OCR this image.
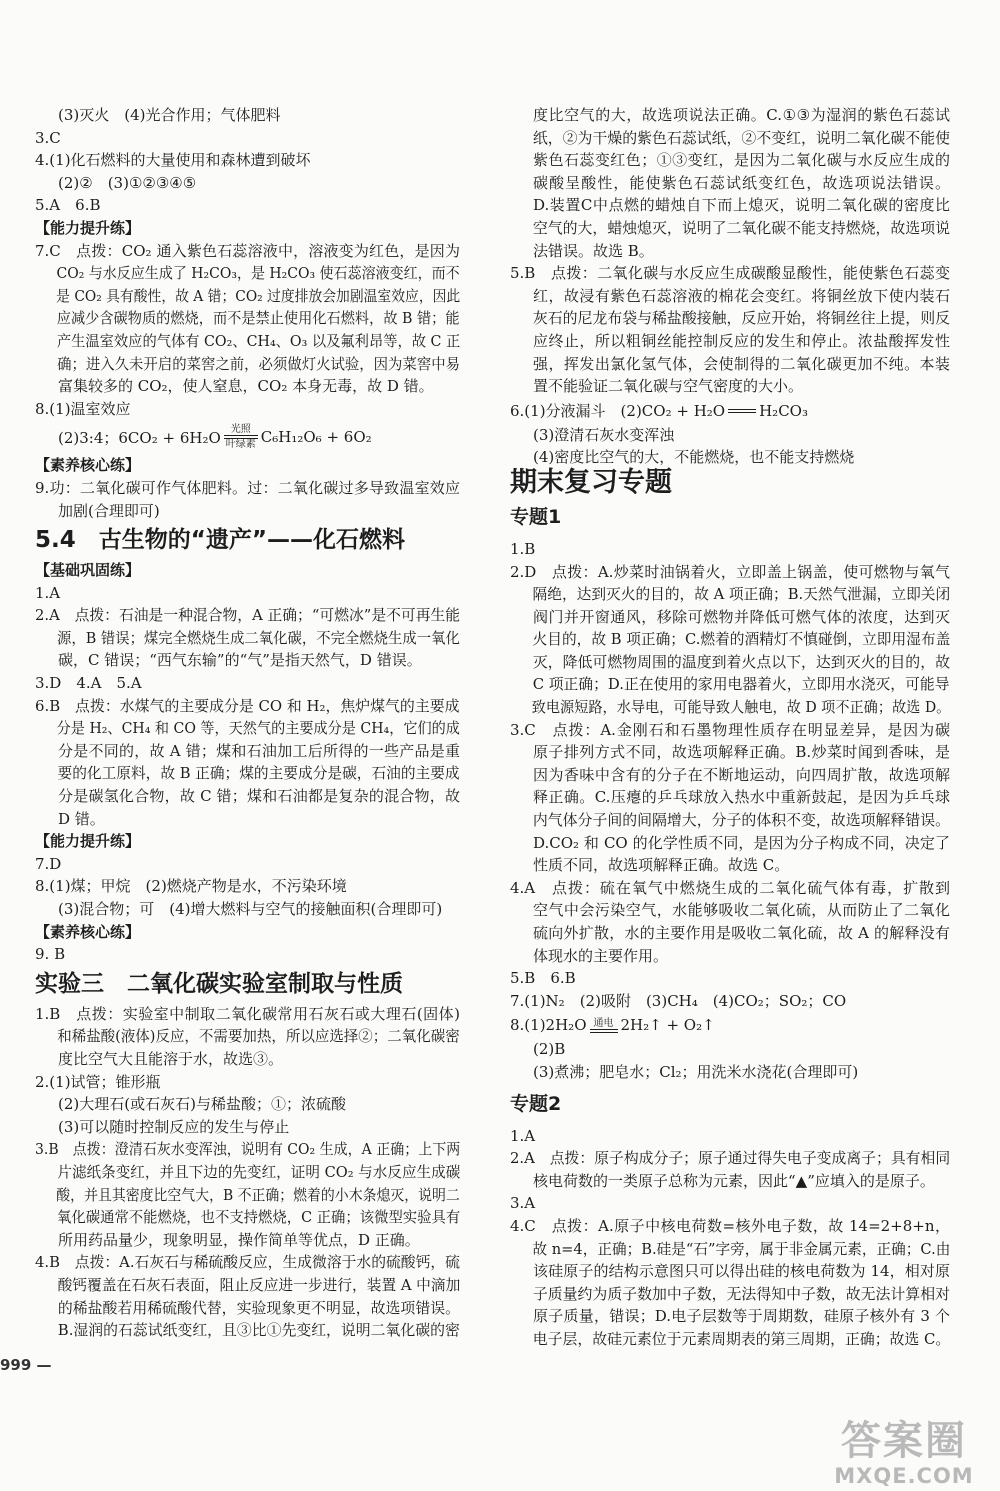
(3)灭火　(4)光合作用；气体肥料
3.C
4.(1)化石燃料的大量使用和森林遭到破坏
(2)②　(3)①②③④⑤
5.A　6.B
【能力提升练】
7.C　点拨：CO₂ 通入紫色石蕊溶液中，溶液变为红色，是因为
CO₂ 与水反应生成了 H₂CO₃，是 H₂CO₃ 使石蕊溶液变红，而不
是 CO₂ 具有酸性，故 A 错；CO₂ 过度排放会加剧温室效应，因此
应减少含碳物质的燃烧，而不是禁止使用化石燃料，故 B 错；能
产生温室效应的气体有 CO₂、CH₄、O₃ 以及氟利昂等，故 C 正
确；进入久未开启的菜窖之前，必须做灯火试验，因为菜窖中易
富集较多的 CO₂，使人窒息，CO₂ 本身无毒，故 D 错。
8.(1)温室效应
(2)3:4；6CO₂ + 6H₂O 光照
叶绿素 C₆H₁₂O₆ + 6O₂
【素养核心练】
9.功：二氧化碳可作气体肥料。过：二氧化碳过多导致温室效应
加剧(合理即可)
5.4　古生物的“遗产”——化石燃料
【基础巩固练】
1.A
2.A　点拨：石油是一种混合物，A 正确；“可燃冰”是不可再生能
源，B 错误；煤完全燃烧生成二氧化碳，不完全燃烧生成一氧化
碳，C 错误；“西气东输”的“气”是指天然气，D 错误。
3.D　4.A　5.A
6.B　点拨：水煤气的主要成分是 CO 和 H₂，焦炉煤气的主要成
分是 H₂、CH₄ 和 CO 等，天然气的主要成分是 CH₄，它们的成
分是不同的，故 A 错；煤和石油加工后所得的一些产品是重
要的化工原料，故 B 正确；煤的主要成分是碳，石油的主要成
分是碳氢化合物，故 C 错；煤和石油都是复杂的混合物，故
D 错。
【能力提升练】
7.D
8.(1)煤；甲烷　(2)燃烧产物是水，不污染环境
(3)混合物；可　(4)增大燃料与空气的接触面积(合理即可)
【素养核心练】
9. B
实验三　二氧化碳实验室制取与性质
1.B　点拨：实验室中制取二氧化碳常用石灰石或大理石(固体)
和稀盐酸(液体)反应，不需要加热，所以应选择②；二氧化碳密
度比空气大且能溶于水，故选③。
2.(1)试管；锥形瓶
(2)大理石(或石灰石)与稀盐酸；①；浓硫酸
(3)可以随时控制反应的发生与停止
3.B　点拨：澄清石灰水变浑浊，说明有 CO₂ 生成，A 正确；上下两
片滤纸条变红，并且下边的先变红，证明 CO₂ 与水反应生成碳
酸，并且其密度比空气大，B 不正确；燃着的小木条熄灭，说明二
氧化碳通常不能燃烧，也不支持燃烧，C 正确；该微型实验具有
所用药品量少，现象明显，操作简单等优点，D 正确。
4.B　点拨：A.石灰石与稀硫酸反应，生成微溶于水的硫酸钙，硫
酸钙覆盖在石灰石表面，阻止反应进一步进行，装置 A 中滴加
的稀盐酸若用稀硫酸代替，实验现象更不明显，故选项错误。
B.湿润的石蕊试纸变红，且③比①先变红，说明二氧化碳的密
度比空气的大，故选项说法正确。C.①③为湿润的紫色石蕊试
纸，②为干燥的紫色石蕊试纸，②不变红，说明二氧化碳不能使
紫色石蕊变红色；①③变红，是因为二氧化碳与水反应生成的
碳酸呈酸性，能使紫色石蕊试纸变红色，故选项说法错误。
D.装置C中点燃的蜡烛自下而上熄灭，说明二氧化碳的密度比
空气的大，蜡烛熄灭，说明了二氧化碳不能支持燃烧，故选项说
法错误。故选 B。
5.B　点拨：二氧化碳与水反应生成碳酸显酸性，能使紫色石蕊变
红，故浸有紫色石蕊溶液的棉花会变红。将铜丝放下使内装石
灰石的尼龙布袋与稀盐酸接触，反应开始，将铜丝往上提，则反
应终止，所以粗铜丝能控制反应的发生和停止。浓盐酸挥发性
强，挥发出氯化氢气体，会使制得的二氧化碳更加不纯。本装
置不能验证二氧化碳与空气密度的大小。
6.(1)分液漏斗　(2)CO₂ + H₂O H₂CO₃
(3)澄清石灰水变浑浊
(4)密度比空气的大，不能燃烧，也不能支持燃烧
期末复习专题
专题1
1.B
2.D　点拨：A.炒菜时油锅着火，立即盖上锅盖，使可燃物与氧气
隔绝，达到灭火的目的，故 A 项正确；B.天然气泄漏，立即关闭
阀门并开窗通风，移除可燃物并降低可燃气体的浓度，达到灭
火目的，故 B 项正确；C.燃着的酒精灯不慎碰倒，立即用湿布盖
灭，降低可燃物周围的温度到着火点以下，达到灭火的目的，故
C 项正确；D.正在使用的家用电器着火，立即用水浇灭，可能导
致电源短路，水导电，可能导致人触电，故 D 项不正确；故选 D。
3.C　点拨：A.金刚石和石墨物理性质存在明显差异，是因为碳
原子排列方式不同，故选项解释正确。B.炒菜时闻到香味，是
因为香味中含有的分子在不断地运动，向四周扩散，故选项解
释正确。C.压瘪的乒乓球放入热水中重新鼓起，是因为乒乓球
内气体分子间的间隔增大，分子的体积不变，故选项解释错误。
D.CO₂ 和 CO 的化学性质不同，是因为分子构成不同，决定了
性质不同，故选项解释正确。故选 C。
4.A　点拨：硫在氧气中燃烧生成的二氧化硫气体有毒，扩散到
空气中会污染空气，水能够吸收二氧化硫，从而防止了二氧化
硫向外扩散，水的主要作用是吸收二氧化硫，故 A 的解释没有
体现水的主要作用。
5.B　6.B
7.(1)N₂　(2)吸附　(3)CH₄　(4)CO₂；SO₂；CO
8.(1)2H₂O 通电 2H₂↑ + O₂↑
(2)B
(3)煮沸；肥皂水；Cl₂；用洗米水浇花(合理即可)
专题2
1.A
2.A　点拨：原子构成分子；原子通过得失电子变成离子；具有相同
核电荷数的一类原子总称为元素，因此“▲”应填入的是原子。
3.A
4.C　点拨：A.原子中核电荷数=核外电子数，故 14=2+8+n，
故 n=4，正确；B.硅是“石”字旁，属于非金属元素，正确；C.由
该硅原子的结构示意图只可以得出硅的核电荷数为 14，相对原
子质量约为质子数加中子数，无法得知中子数，故无法计算相对
原子质量，错误；D.电子层数等于周期数，硅原子核外有 3 个
电子层，故硅元素位于元素周期表的第三周期，正确；故选 C。
999 —
答案圈
MXQE.COM
